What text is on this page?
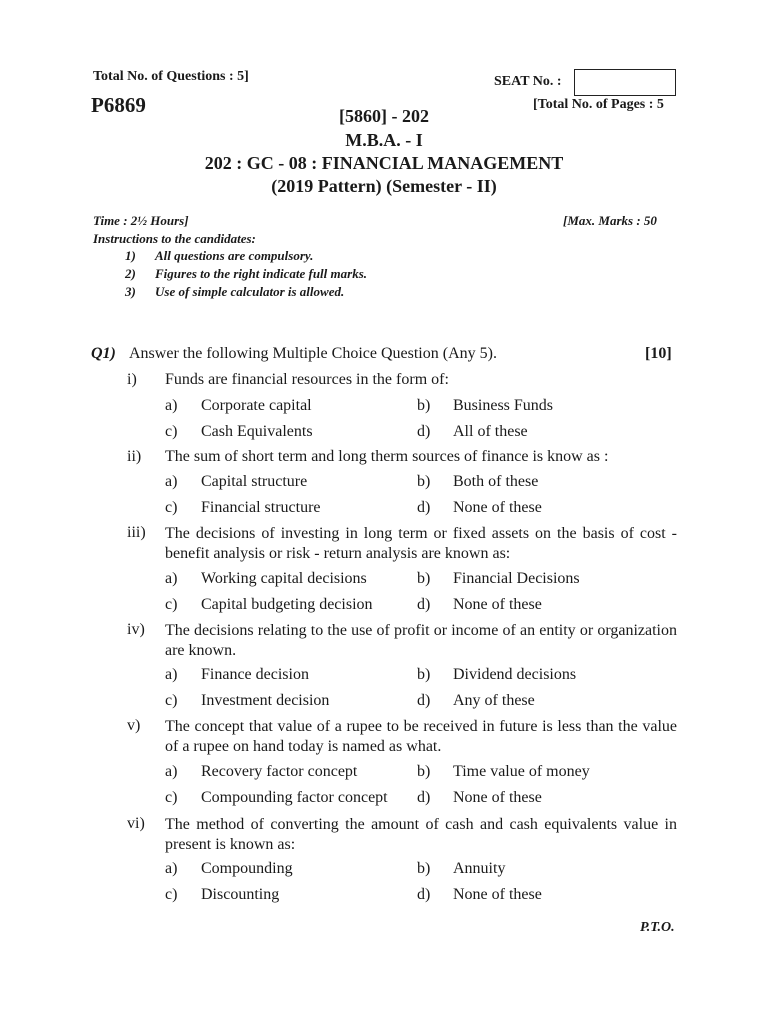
Total No. of Questions : 5]	SEAT No. :
P6869	[Total No. of Pages : 5
[5860] - 202
M.B.A. - I
202 : GC - 08 : FINANCIAL MANAGEMENT
(2019 Pattern) (Semester - II)
Time : 2½ Hours]	[Max. Marks : 50
Instructions to the candidates:
1) All questions are compulsory.
2) Figures to the right indicate full marks.
3) Use of simple calculator is allowed.
Q1) Answer the following Multiple Choice Question (Any 5).	[10]
i) Funds are financial resources in the form of:
a) Corporate capital	b) Business Funds
c) Cash Equivalents	d) All of these
ii) The sum of short term and long therm sources of finance is know as :
a) Capital structure	b) Both of these
c) Financial structure	d) None of these
iii) The decisions of investing in long term or fixed assets on the basis of cost - benefit analysis or risk - return analysis are known as:
a) Working capital decisions	b) Financial Decisions
c) Capital budgeting decision	d) None of these
iv) The decisions relating to the use of profit or income of an entity or organization are known.
a) Finance decision	b) Dividend decisions
c) Investment decision	d) Any of these
v) The concept that value of a rupee to be received in future is less than the value of a rupee on hand today is named as what.
a) Recovery factor concept	b) Time value of money
c) Compounding factor concept d) None of these
vi) The method of converting the amount of cash and cash equivalents value in present is known as:
a) Compounding	b) Annuity
c) Discounting	d) None of these
P.T.O.
